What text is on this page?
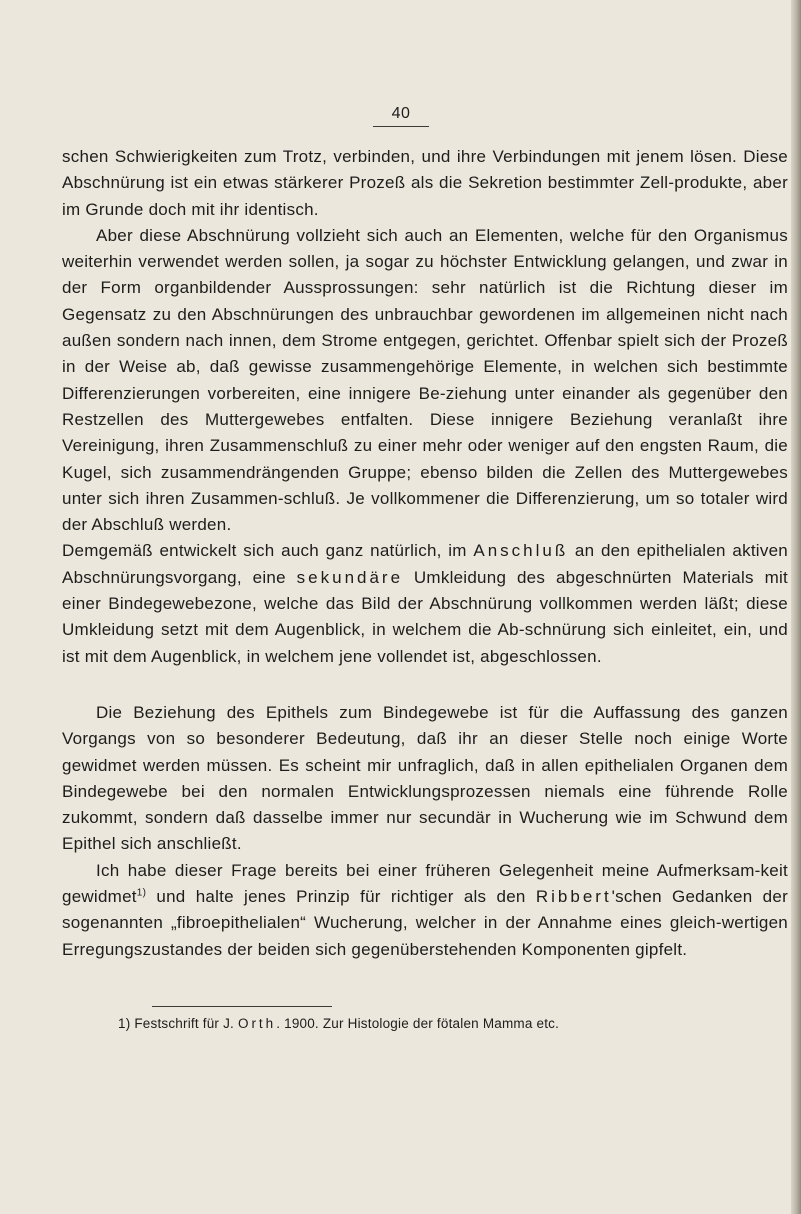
40

schen Schwierigkeiten zum Trotz, verbinden, und ihre Verbindungen mit jenem lösen. Diese Abschnürung ist ein etwas stärkerer Prozeß als die Sekretion bestimmter Zell-produkte, aber im Grunde doch mit ihr identisch.

Aber diese Abschnürung vollzieht sich auch an Elementen, welche für den Organismus weiterhin verwendet werden sollen, ja sogar zu höchster Entwicklung gelangen, und zwar in der Form organbildender Aussprossungen: sehr natürlich ist die Richtung dieser im Gegensatz zu den Abschnürungen des unbrauchbar gewordenen im allgemeinen nicht nach außen sondern nach innen, dem Strome entgegen, gerichtet. Offenbar spielt sich der Prozeß in der Weise ab, daß gewisse zusammengehörige Elemente, in welchen sich bestimmte Differenzierungen vorbereiten, eine innigere Be-ziehung unter einander als gegenüber den Restzellen des Muttergewebes entfalten. Diese innigere Beziehung veranlaßt ihre Vereinigung, ihren Zusammenschluß zu einer mehr oder weniger auf den engsten Raum, die Kugel, sich zusammendrängenden Gruppe; ebenso bilden die Zellen des Muttergewebes unter sich ihren Zusammen-schluß. Je vollkommener die Differenzierung, um so totaler wird der Abschluß werden.

Demgemäß entwickelt sich auch ganz natürlich, im Anschluß an den epithelialen aktiven Abschnürungsvorgang, eine sekundäre Umkleidung des abgeschnürten Materials mit einer Bindegewebezone, welche das Bild der Abschnürung vollkommen werden läßt; diese Umkleidung setzt mit dem Augenblick, in welchem die Ab-schnürung sich einleitet, ein, und ist mit dem Augenblick, in welchem jene vollendet ist, abgeschlossen.

Die Beziehung des Epithels zum Bindegewebe ist für die Auffassung des ganzen Vorgangs von so besonderer Bedeutung, daß ihr an dieser Stelle noch einige Worte gewidmet werden müssen. Es scheint mir unfraglich, daß in allen epithelialen Organen dem Bindegewebe bei den normalen Entwicklungsprozessen niemals eine führende Rolle zukommt, sondern daß dasselbe immer nur secundär in Wucherung wie im Schwund dem Epithel sich anschließt.

Ich habe dieser Frage bereits bei einer früheren Gelegenheit meine Aufmerksam-keit gewidmet$^{1)}$ und halte jenes Prinzip für richtiger als den Ribbert'schen Gedanken der sogenannten „fibroepithelialen“ Wucherung, welcher in der Annahme eines gleich-wertigen Erregungszustandes der beiden sich gegenüberstehenden Komponenten gipfelt.

1) Festschrift für J. Orth. 1900. Zur Histologie der fötalen Mamma etc.
